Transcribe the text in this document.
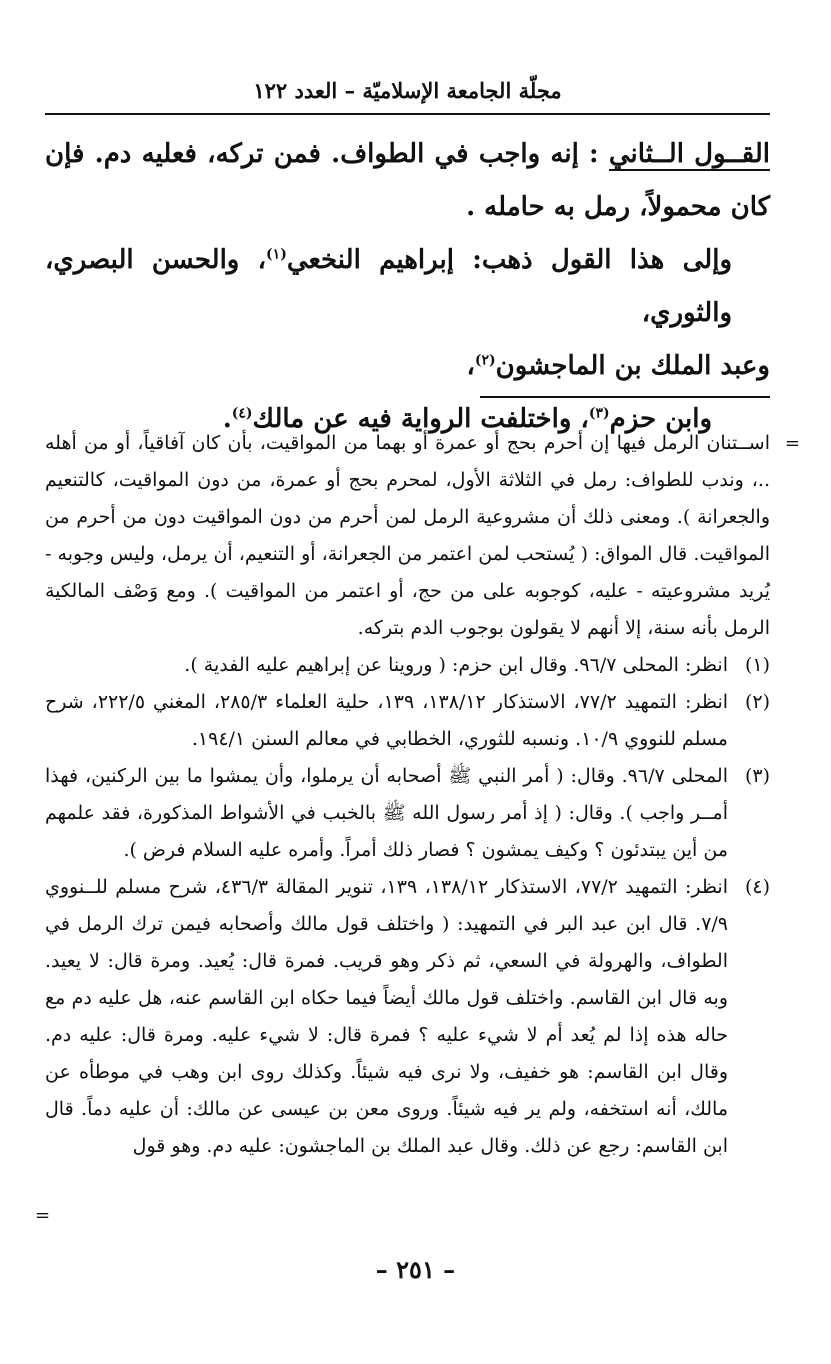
مجلّة الجامعة الإسلاميّة – العدد ١٢٢

القــول الــثاني : إنه واجب في الطواف. فمن تركه، فعليه دم. فإن كان محمولاً، رمل به حامله .

وإلى هذا القول ذهب: إبراهيم النخعي$^{(١)}$، والحسن البصري، والثوري،

وعبد الملك بن الماجشون$^{(٢)}$،

وابن حزم$^{(٣)}$، واختلفت الرواية فيه عن مالك$^{(٤)}$.

=
اســتنان الرمل فيها إن أحرم بحج أو عمرة أو بهما من المواقيت، بأن كان آفاقياً، أو من أهله ..، وندب للطواف: رمل في الثلاثة الأول، لمحرم بحج أو عمرة، من دون المواقيت، كالتنعيم والجعرانة ). ومعنى ذلك أن مشروعية الرمل لمن أحرم من دون المواقيت دون من أحرم من المواقيت. قال المواق: ( يُستحب لمن اعتمر من الجعرانة، أو التنعيم، أن يرمل، وليس وجوبه - يُريد مشروعيته - عليه، كوجوبه على من حج، أو اعتمر من المواقيت ). ومع وَصْف المالكية الرمل بأنه سنة، إلا أنهم لا يقولون بوجوب الدم بتركه.

(١)
انظر: المحلى ٩٦/٧. وقال ابن حزم: ( وروينا عن إبراهيم عليه الفدية ).

(٢)
انظر: التمهيد ٧٧/٢، الاستذكار ١٣٨/١٢، ١٣٩، حلية العلماء ٢٨٥/٣، المغني ٢٢٢/٥، شرح مسلم للنووي ١٠/٩. ونسبه للثوري، الخطابي في معالم السنن ١٩٤/١.

(٣)
المحلى ٩٦/٧. وقال: ( أمر النبي ﷺ أصحابه أن يرملوا، وأن يمشوا ما بين الركنين، فهذا أمــر واجب ). وقال: ( إذ أمر رسول الله ﷺ بالخبب في الأشواط المذكورة، فقد علمهم من أين يبتدئون ؟ وكيف يمشون ؟ فصار ذلك أمراً. وأمره عليه السلام فرض ).

(٤)
انظر: التمهيد ٧٧/٢، الاستذكار ١٣٨/١٢، ١٣٩، تنوير المقالة ٤٣٦/٣، شرح مسلم للــنووي ٧/٩. قال ابن عبد البر في التمهيد: ( واختلف قول مالك وأصحابه فيمن ترك الرمل في الطواف، والهرولة في السعي، ثم ذكر وهو قريب. فمرة قال: يُعيد. ومرة قال: لا يعيد. وبه قال ابن القاسم. واختلف قول مالك أيضاً فيما حكاه ابن القاسم عنه، هل عليه دم مع حاله هذه إذا لم يُعد أم لا شيء عليه ؟ فمرة قال: لا شيء عليه. ومرة قال: عليه دم. وقال ابن القاسم: هو خفيف، ولا نرى فيه شيئاً. وكذلك روى ابن وهب في موطأه عن مالك، أنه استخفه، ولم ير فيه شيئاً. وروى معن بن عيسى عن مالك: أن عليه دماً. قال ابن القاسم: رجع عن ذلك. وقال عبد الملك بن الماجشون: عليه دم. وهو قول

=
– ٢٥١ –
